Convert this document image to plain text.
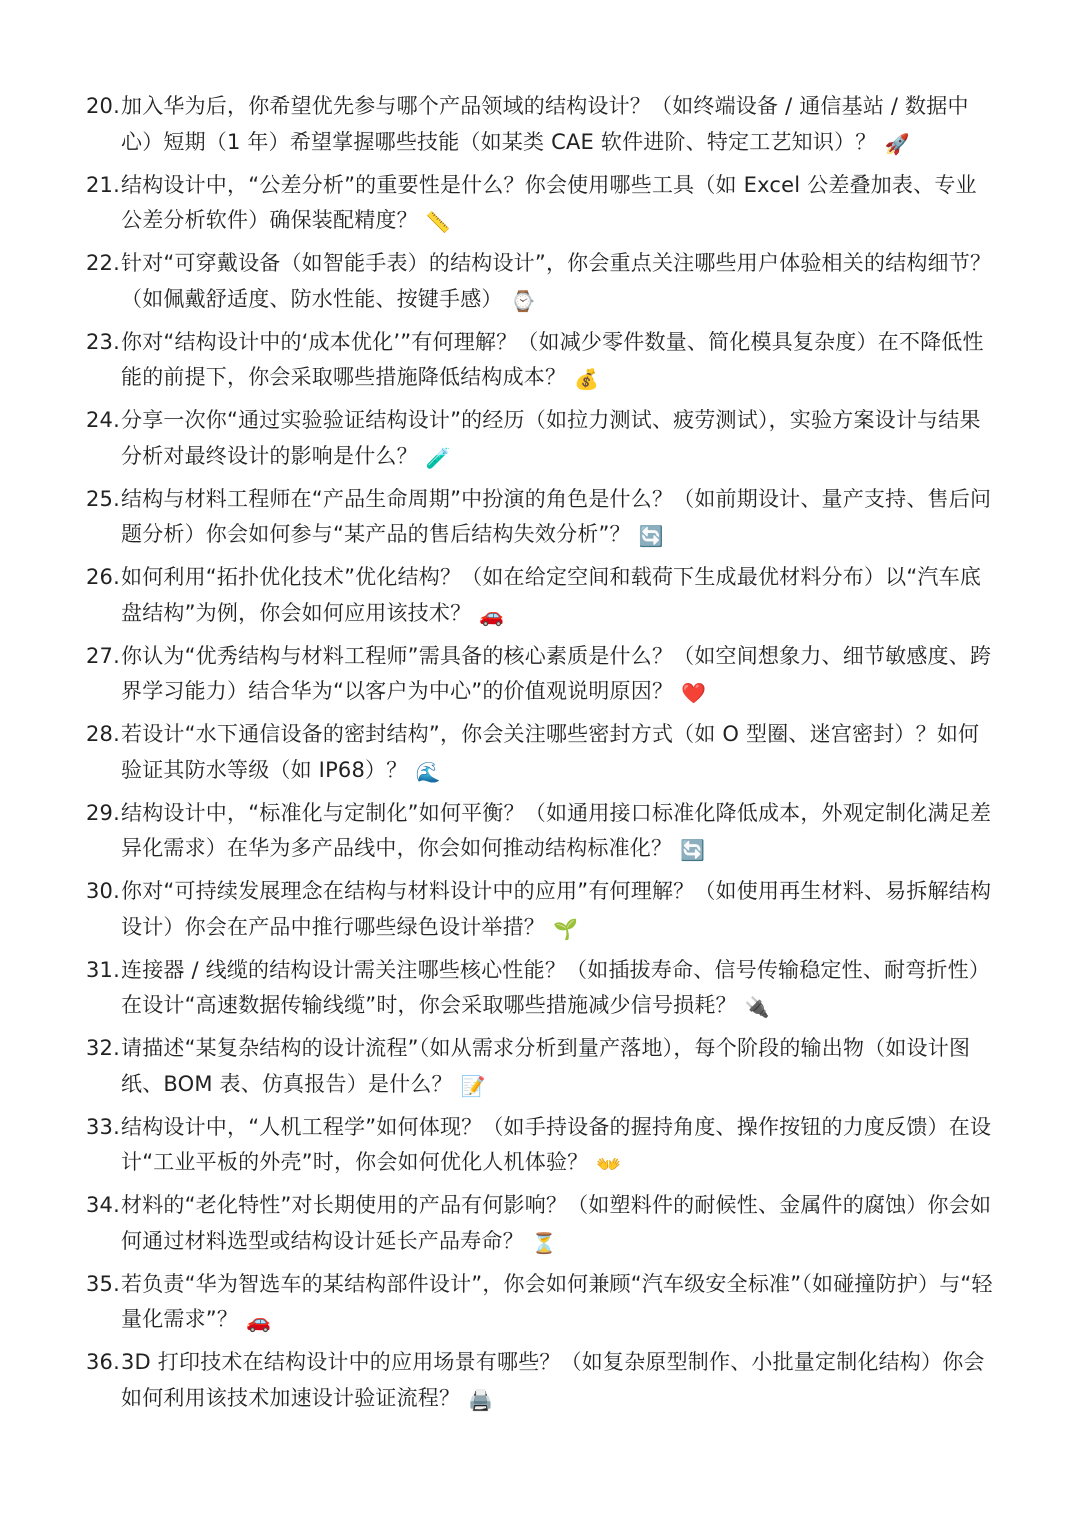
20. 加入华为后，你希望优先参与哪个产品领域的结构设计？（如终端设备 / 通信基站 / 数据中心）短期（1 年）希望掌握哪些技能（如某类 CAE 软件进阶、特定工艺知识）？ 🚀
21. 结构设计中，“公差分析”的重要性是什么？你会使用哪些工具（如 Excel 公差叠加表、专业公差分析软件）确保装配精度？ 📏
22. 针对“可穿戴设备（如智能手表）的结构设计”，你会重点关注哪些用户体验相关的结构细节？（如佩戴舒适度、防水性能、按键手感） ⌚
23. 你对“结构设计中的‘成本优化’”有何理解？（如减少零件数量、简化模具复杂度）在不降低性能的前提下，你会采取哪些措施降低结构成本？ 💰
24. 分享一次你“通过实验验证结构设计”的经历（如拉力测试、疲劳测试），实验方案设计与结果分析对最终设计的影响是什么？ 🧪
25. 结构与材料工程师在“产品生命周期”中扮演的角色是什么？（如前期设计、量产支持、售后问题分析）你会如何参与“某产品的售后结构失效分析”？ 🔄
26. 如何利用“拓扑优化技术”优化结构？（如在给定空间和载荷下生成最优材料分布）以“汽车底盘结构”为例，你会如何应用该技术？ 🚗
27. 你认为“优秀结构与材料工程师”需具备的核心素质是什么？（如空间想象力、细节敏感度、跨界学习能力）结合华为“以客户为中心”的价值观说明原因？ ❤️
28. 若设计“水下通信设备的密封结构”，你会关注哪些密封方式（如 O 型圈、迷宫密封）？如何验证其防水等级（如 IP68）？ 🌊
29. 结构设计中，“标准化与定制化”如何平衡？（如通用接口标准化降低成本，外观定制化满足差异化需求）在华为多产品线中，你会如何推动结构标准化？ 🔄
30. 你对“可持续发展理念在结构与材料设计中的应用”有何理解？（如使用再生材料、易拆解结构设计）你会在产品中推行哪些绿色设计举措？ 🌱
31. 连接器 / 线缆的结构设计需关注哪些核心性能？（如插拔寿命、信号传输稳定性、耐弯折性）在设计“高速数据传输线缆”时，你会采取哪些措施减少信号损耗？ 🔌
32. 请描述“某复杂结构的设计流程”（如从需求分析到量产落地），每个阶段的输出物（如设计图纸、BOM 表、仿真报告）是什么？ 📝
33. 结构设计中，“人机工程学”如何体现？（如手持设备的握持角度、操作按钮的力度反馈）在设计“工业平板的外壳”时，你会如何优化人机体验？ 👐
34. 材料的“老化特性”对长期使用的产品有何影响？（如塑料件的耐候性、金属件的腐蚀）你会如何通过材料选型或结构设计延长产品寿命？ ⏳
35. 若负责“华为智选车的某结构部件设计”，你会如何兼顾“汽车级安全标准”（如碰撞防护）与“轻量化需求”？ 🚗
36. 3D 打印技术在结构设计中的应用场景有哪些？（如复杂原型制作、小批量定制化结构）你会如何利用该技术加速设计验证流程？ 🖨️
